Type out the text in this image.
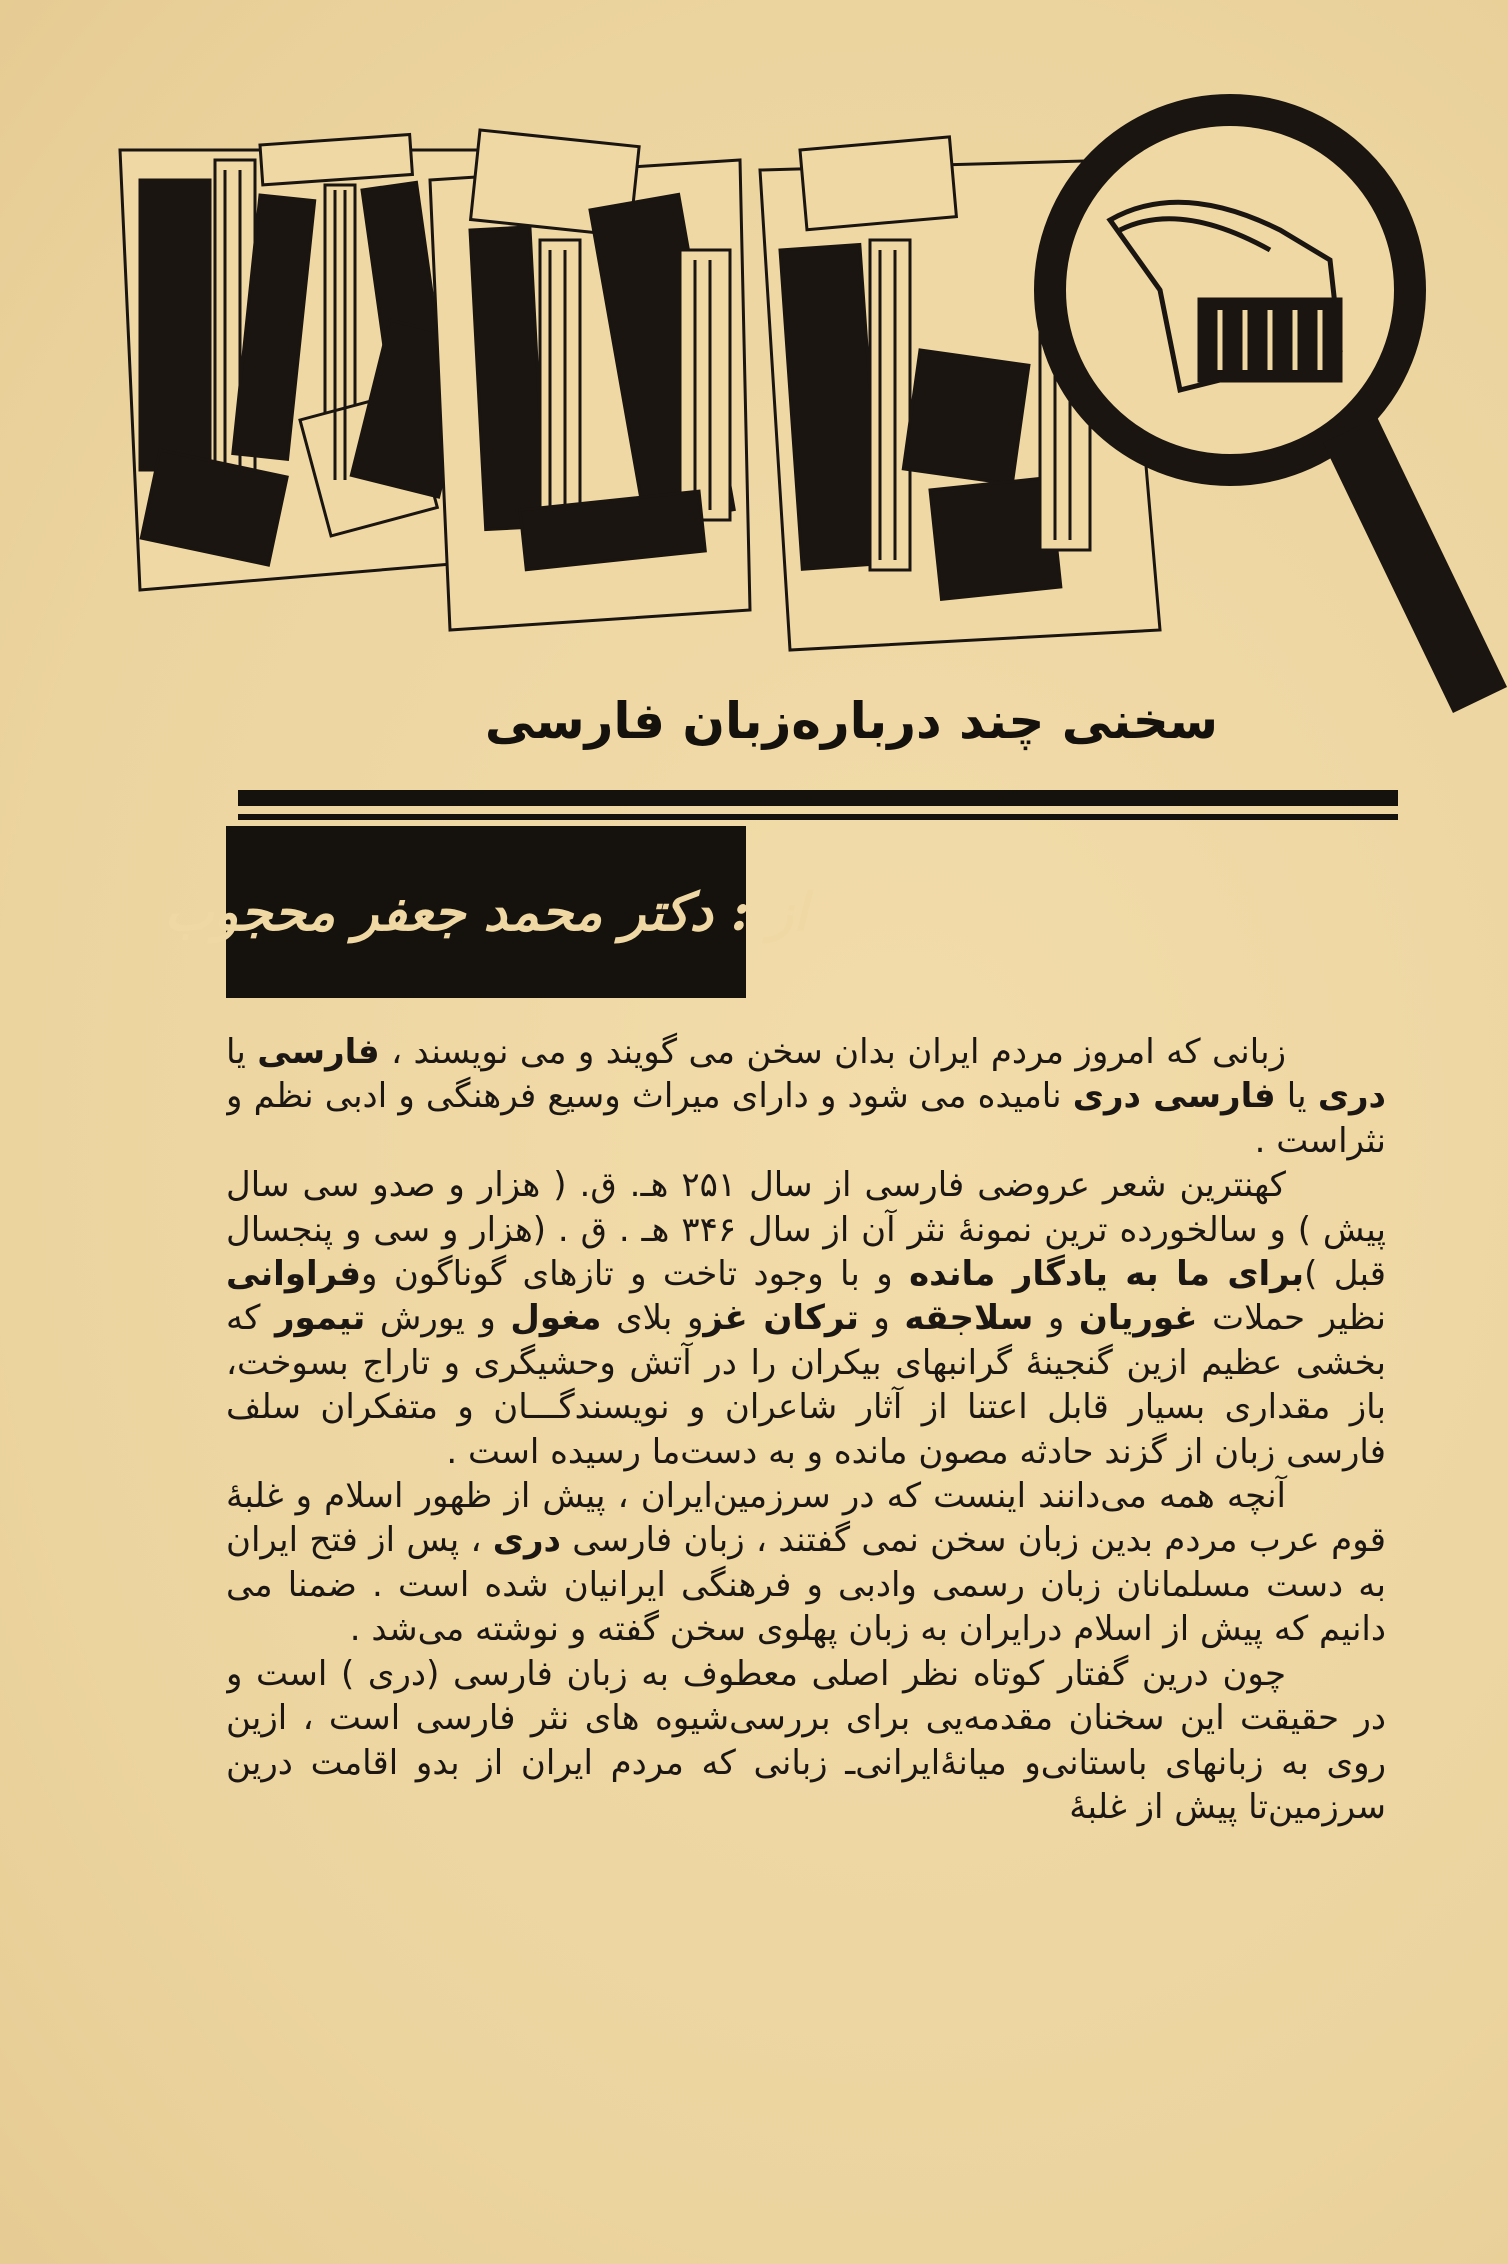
سخنی چند درباره‌زبان فارسی
از : دکتر محمد جعفر محجوب

زبانی که امروز مردم ایران بدان سخن می گویند و می نویسند ، فارسی یا دری یا فارسی دری نامیده می شود و دارای میراث وسیع فرهنگی و ادبی نظم و نثراست .

کهنترین شعر عروضی فارسی از سال ۲۵۱ هـ. ق. ( هزار و صدو سی سال پیش ) و سالخورده ترین نمونهٔ نثر آن از سال ۳۴۶ هـ . ق . (هزار و سی و پنجسال قبل )برای ما به یادگار مانده و با وجود تاخت و تازهای گوناگون وفراوانی نظیر حملات غوریان و سلاجقه و ترکان غزو بلای مغول و یورش تیمور که بخشی عظیم ازین گنجینهٔ گرانبهای بیکران را در آتش وحشیگری و تاراج بسوخت، باز مقداری بسیار قابل اعتنا از آثار شاعران و نویسندگـــان و متفکران سلف فارسی زبان از گزند حادثه مصون مانده و به دست‌ما رسیده است .

آنچه همه می‌دانند اینست که در سرزمین‌ایران ، پیش از ظهور اسلام و غلبهٔ قوم عرب مردم بدین زبان سخن نمی گفتند ، زبان فارسی دری ، پس از فتح ایران به دست مسلمانان زبان رسمی وادبی و فرهنگی ایرانیان شده است . ضمنا می دانیم که پیش از اسلام درایران به زبان پهلوی سخن گفته و نوشته می‌شد .

چون درین گفتار کوتاه نظر اصلی معطوف به زبان فارسی (دری ) است و در حقیقت این سخنان مقدمه‌یی برای بررسی‌شیوه های نثر فارسی است ، ازین روی به زبانهای باستانی‌و میانهٔ‌ایرانی‌ـ زبانی که مردم ایران از بدو اقامت درین سرزمین‌تا پیش از غلبهٔ
